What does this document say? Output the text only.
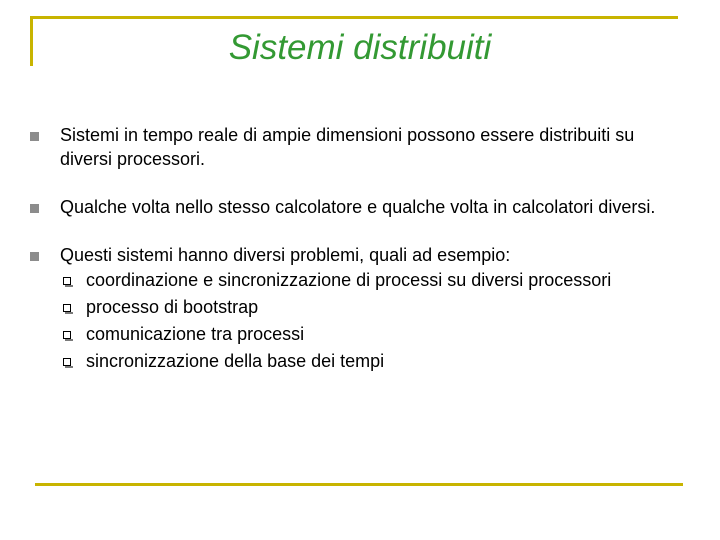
Sistemi distribuiti
Sistemi in tempo reale di ampie dimensioni possono essere distribuiti su diversi processori.
Qualche volta nello stesso calcolatore e qualche volta in calcolatori diversi.
Questi sistemi hanno diversi problemi, quali ad esempio:
coordinazione e sincronizzazione di processi su diversi processori
processo di bootstrap
comunicazione tra processi
sincronizzazione della base dei tempi
